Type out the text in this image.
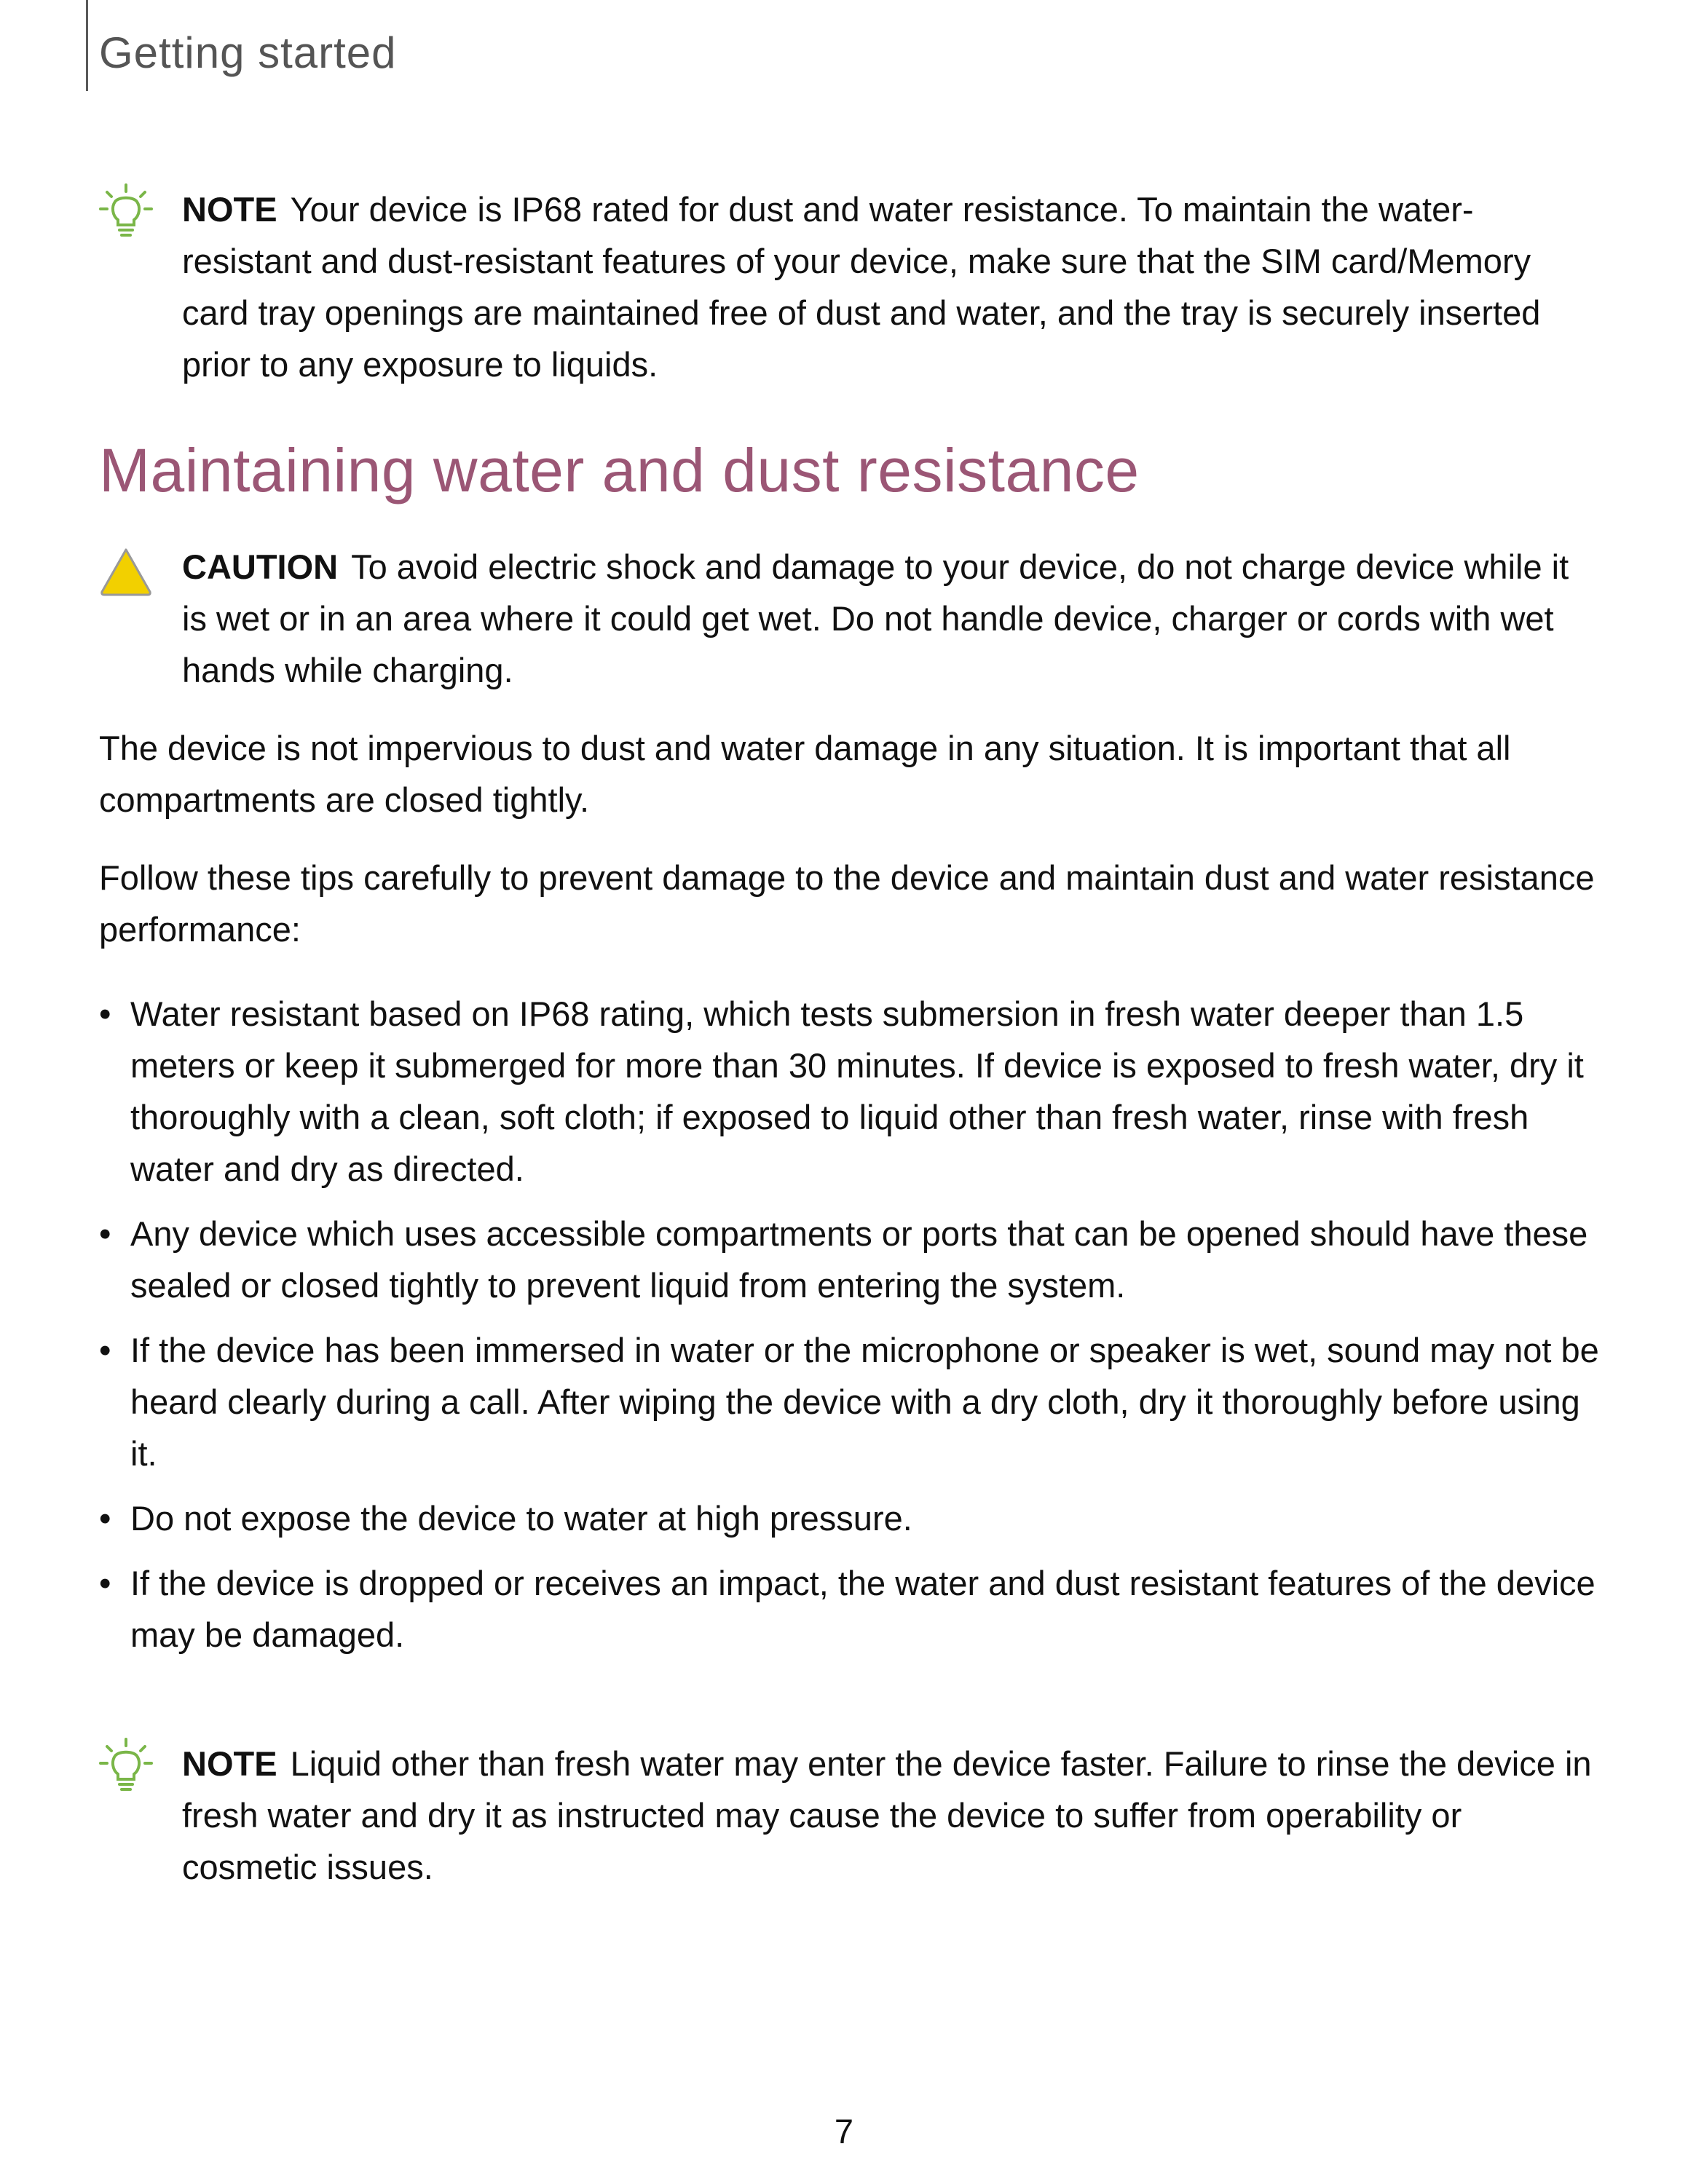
Getting started
NOTE Your device is IP68 rated for dust and water resistance. To maintain the water-resistant and dust-resistant features of your device, make sure that the SIM card/Memory card tray openings are maintained free of dust and water, and the tray is securely inserted prior to any exposure to liquids.
Maintaining water and dust resistance
CAUTION To avoid electric shock and damage to your device, do not charge device while it is wet or in an area where it could get wet. Do not handle device, charger or cords with wet hands while charging.

The device is not impervious to dust and water damage in any situation. It is important that all compartments are closed tightly.

Follow these tips carefully to prevent damage to the device and maintain dust and water resistance performance:

• Water resistant based on IP68 rating, which tests submersion in fresh water deeper than 1.5 meters or keep it submerged for more than 30 minutes. If device is exposed to fresh water, dry it thoroughly with a clean, soft cloth; if exposed to liquid other than fresh water, rinse with fresh water and dry as directed.
• Any device which uses accessible compartments or ports that can be opened should have these sealed or closed tightly to prevent liquid from entering the system.
• If the device has been immersed in water or the microphone or speaker is wet, sound may not be heard clearly during a call. After wiping the device with a dry cloth, dry it thoroughly before using it.
• Do not expose the device to water at high pressure.
• If the device is dropped or receives an impact, the water and dust resistant features of the device may be damaged.
NOTE Liquid other than fresh water may enter the device faster. Failure to rinse the device in fresh water and dry it as instructed may cause the device to suffer from operability or cosmetic issues.
7
